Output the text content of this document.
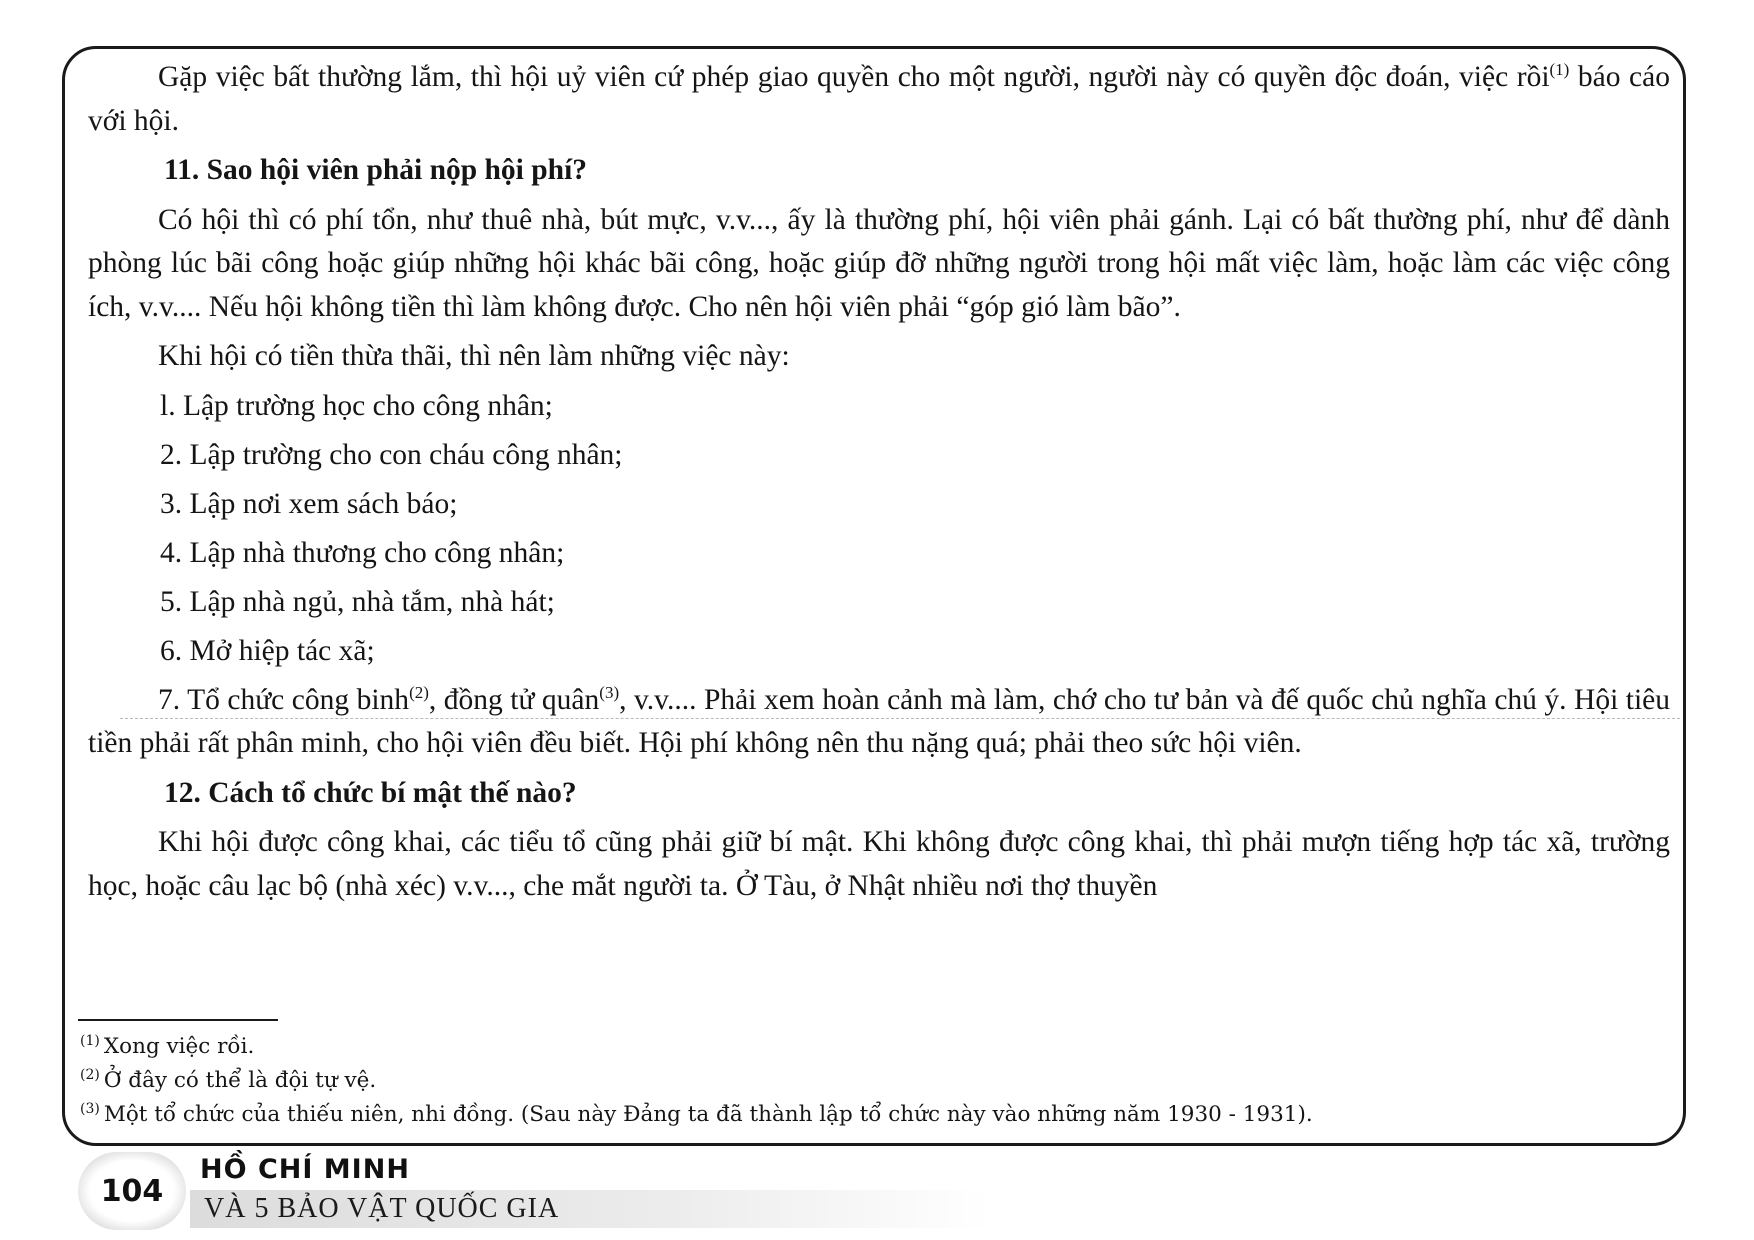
Gặp việc bất thường lắm, thì hội uỷ viên cứ phép giao quyền cho một người, người này có quyền độc đoán, việc rồi$^{(1)}$ báo cáo với hội.

11. Sao hội viên phải nộp hội phí?

Có hội thì có phí tổn, như thuê nhà, bút mực, v.v..., ấy là thường phí, hội viên phải gánh. Lại có bất thường phí, như để dành phòng lúc bãi công hoặc giúp những hội khác bãi công, hoặc giúp đỡ những người trong hội mất việc làm, hoặc làm các việc công ích, v.v.... Nếu hội không tiền thì làm không được. Cho nên hội viên phải “góp gió làm bão”.

Khi hội có tiền thừa thãi, thì nên làm những việc này:

l. Lập trường học cho công nhân;

2. Lập trường cho con cháu công nhân;

3. Lập nơi xem sách báo;

4. Lập nhà thương cho công nhân;

5. Lập nhà ngủ, nhà tắm, nhà hát;

6. Mở hiệp tác xã;

7. Tổ chức công binh$^{(2)}$, đồng tử quân$^{(3)}$, v.v.... Phải xem hoàn cảnh mà làm, chớ cho tư bản và đế quốc chủ nghĩa chú ý. Hội tiêu tiền phải rất phân minh, cho hội viên đều biết. Hội phí không nên thu nặng quá; phải theo sức hội viên.

12. Cách tổ chức bí mật thế nào?

Khi hội được công khai, các tiểu tổ cũng phải giữ bí mật. Khi không được công khai, thì phải mượn tiếng hợp tác xã, trường học, hoặc câu lạc bộ (nhà xéc) v.v..., che mắt người ta. Ở Tàu, ở Nhật nhiều nơi thợ thuyền

$^{(1)}$ Xong việc rồi.

$^{(2)}$ Ở đây có thể là đội tự vệ.

$^{(3)}$ Một tổ chức của thiếu niên, nhi đồng. (Sau này Đảng ta đã thành lập tổ chức này vào những năm 1930 - 1931).

104
HỒ CHÍ MINH
VÀ 5 BẢO VẬT QUỐC GIA
